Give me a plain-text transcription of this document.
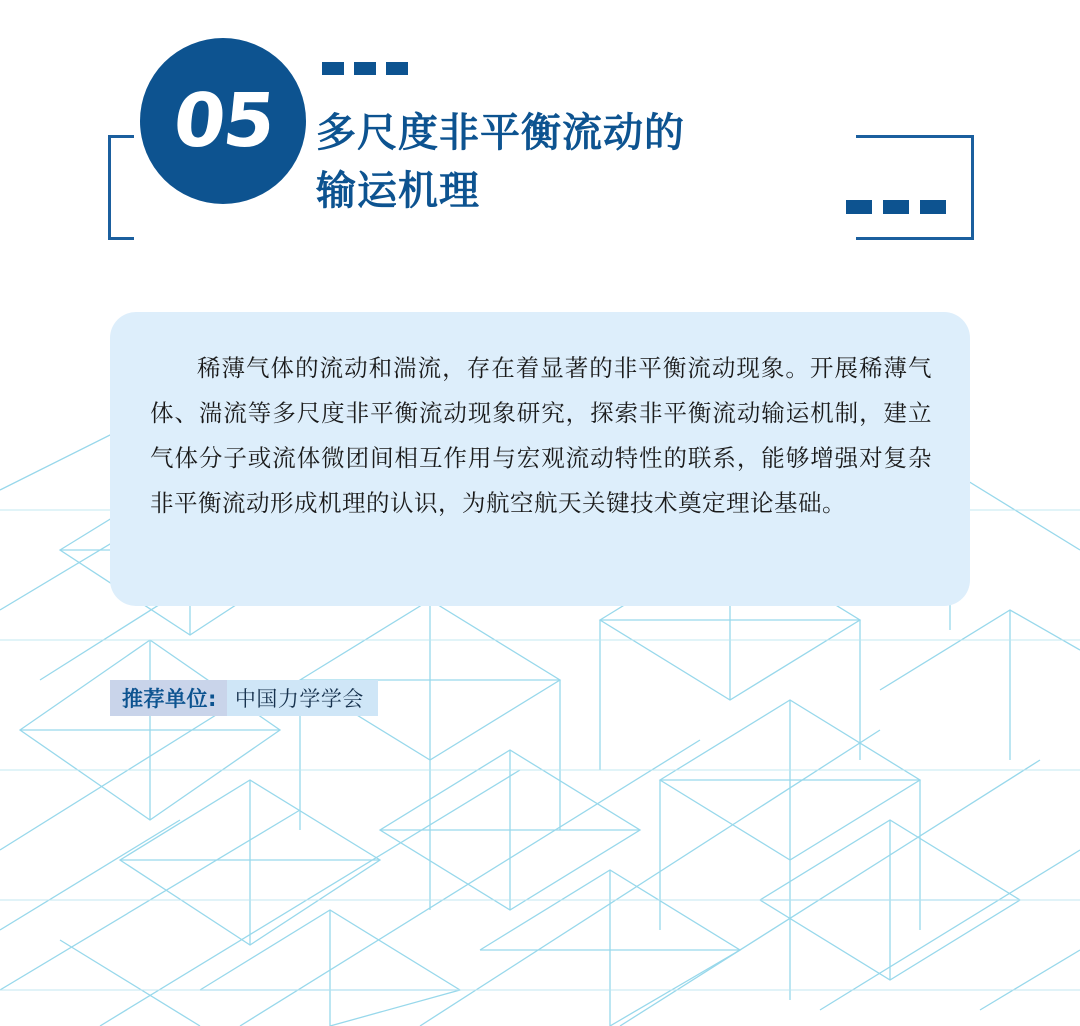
05 多尺度非平衡流动的
输运机理

稀薄气体的流动和湍流，存在着显著的非平衡流动现象。开展稀薄气体、湍流等多尺度非平衡流动现象研究，探索非平衡流动输运机制，建立气体分子或流体微团间相互作用与宏观流动特性的联系，能够增强对复杂非平衡流动形成机理的认识，为航空航天关键技术奠定理论基础。

推荐单位: 中国力学学会
